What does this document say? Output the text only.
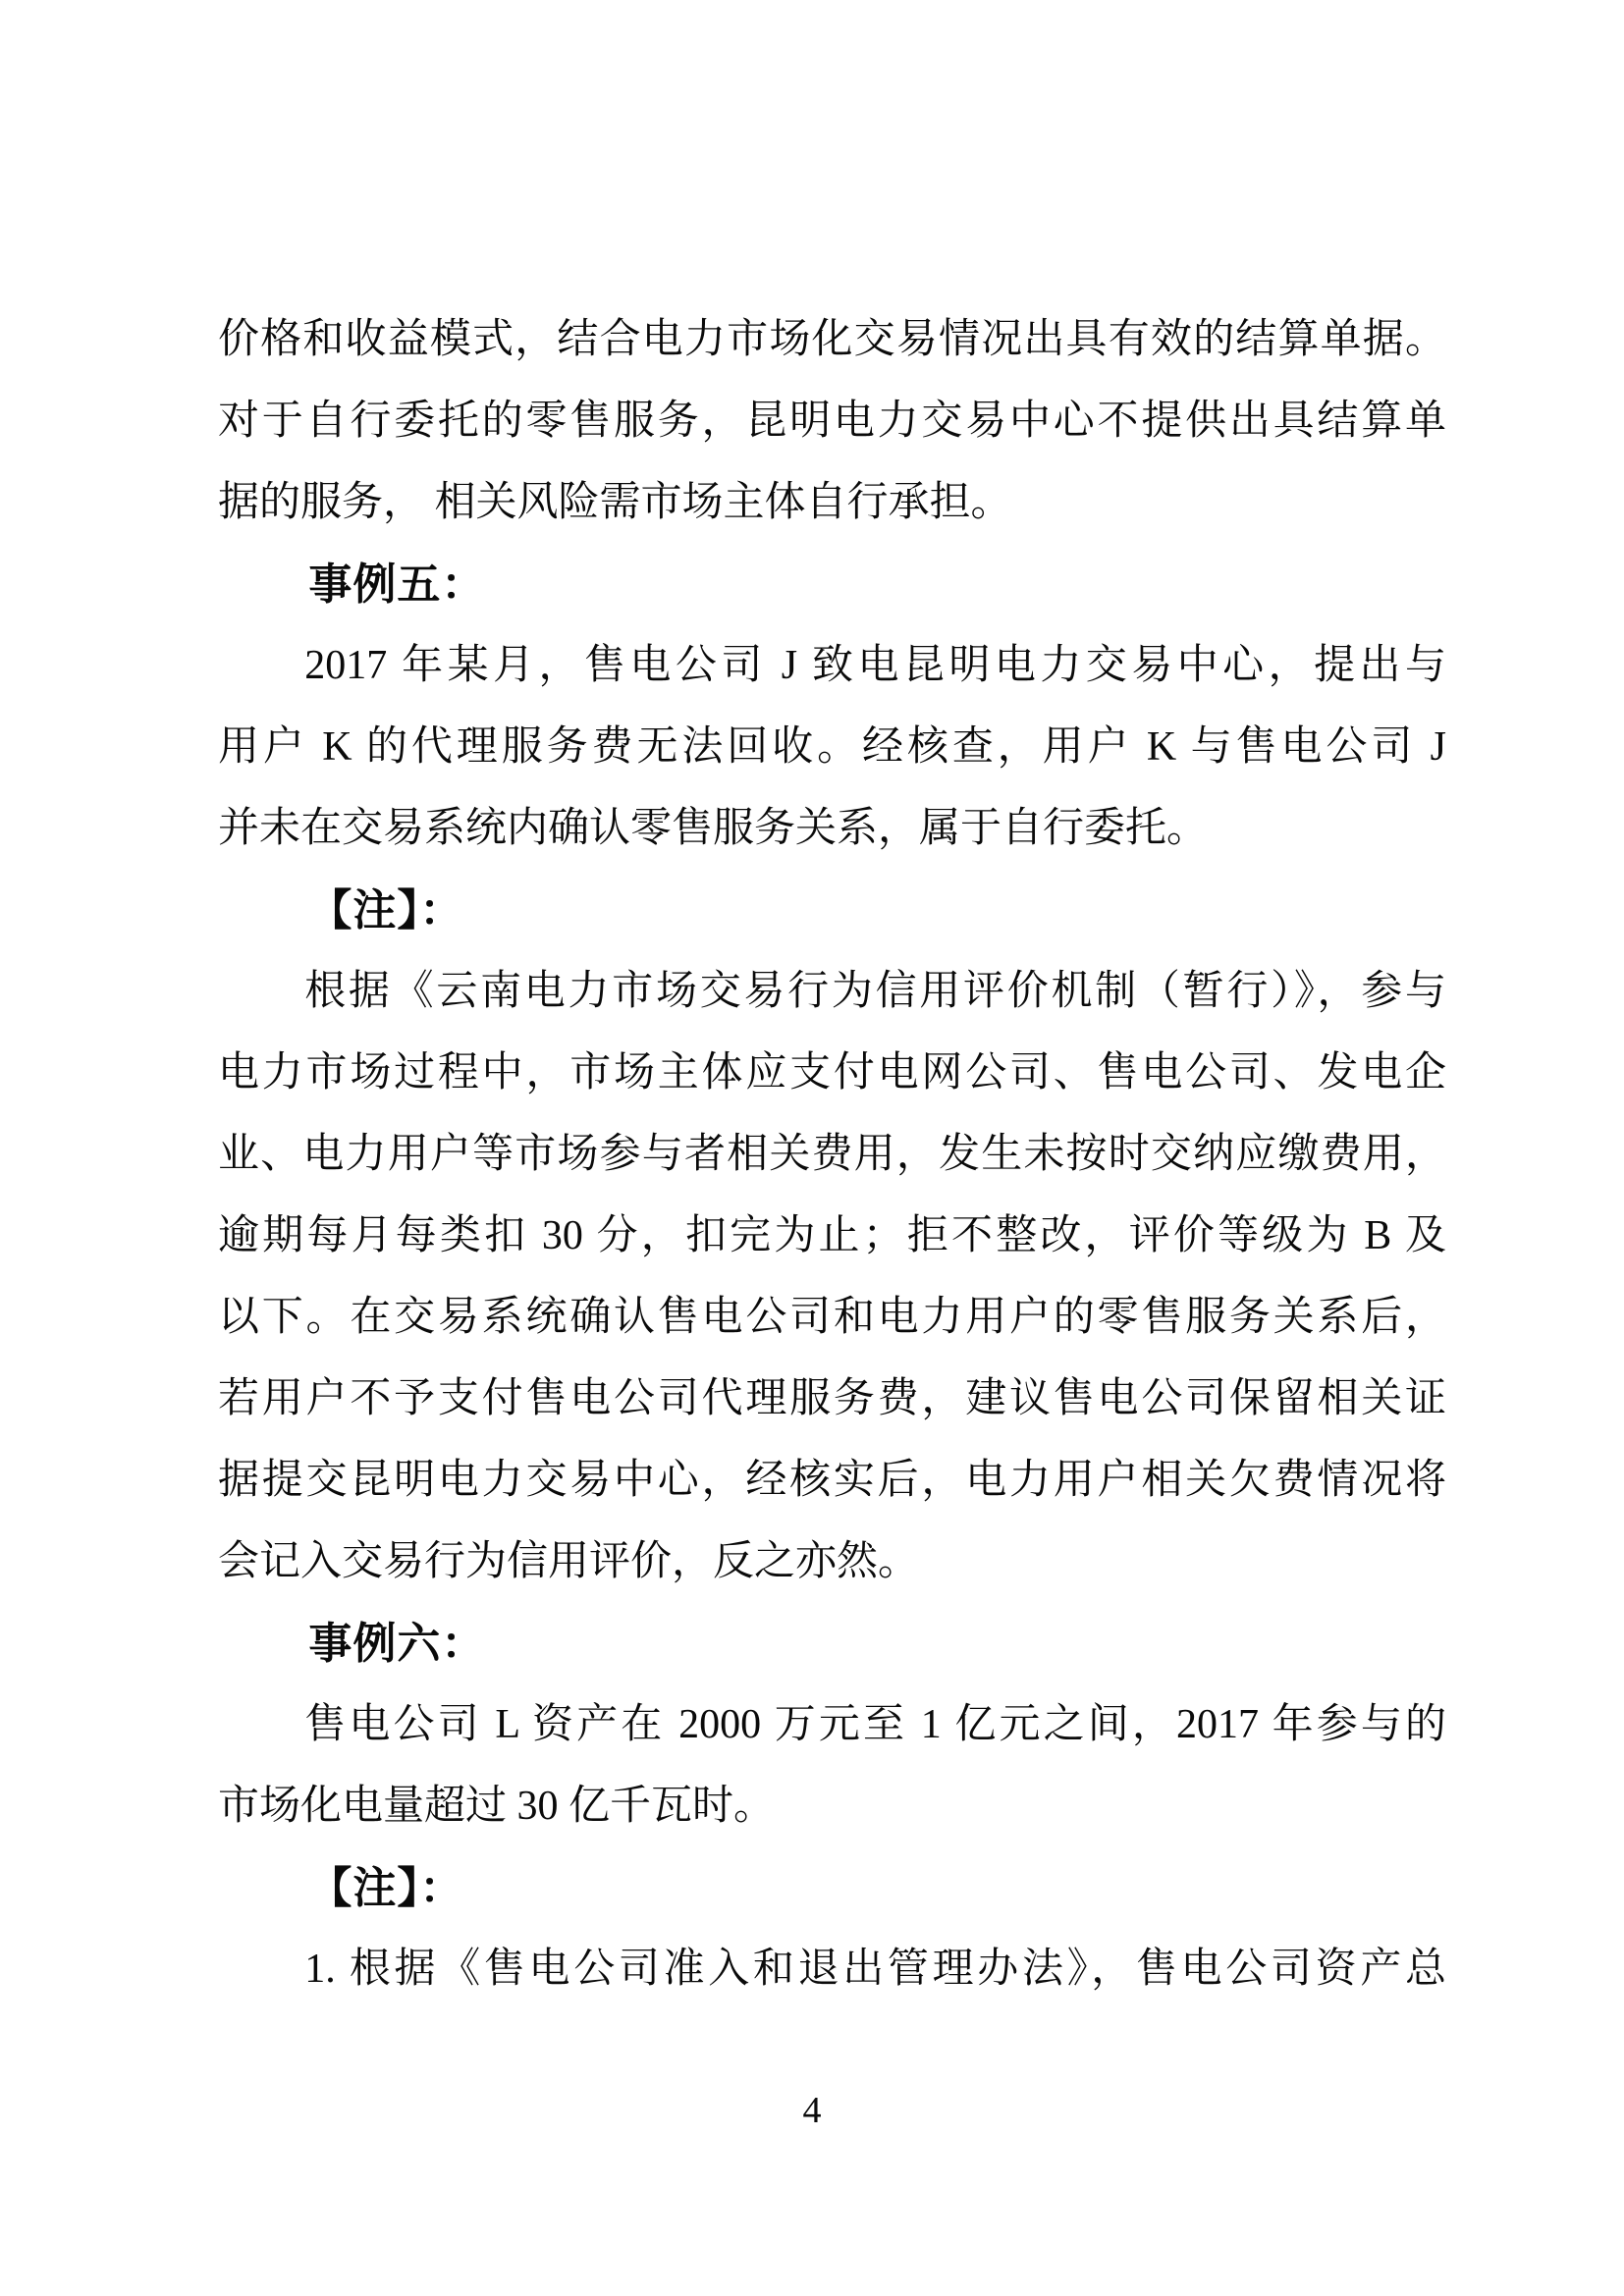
价格和收益模式，结合电力市场化交易情况出具有效的结算单据。
对于自行委托的零售服务，昆明电力交易中心不提供出具结算单
据的服务， 相关风险需市场主体自行承担。
事例五：
2017 年某月，售电公司 J 致电昆明电力交易中心，提出与
用户 K 的代理服务费无法回收。经核查，用户 K 与售电公司 J
并未在交易系统内确认零售服务关系，属于自行委托。
【注】：
根据《云南电力市场交易行为信用评价机制（暂行）》，参与
电力市场过程中，市场主体应支付电网公司、售电公司、发电企
业、电力用户等市场参与者相关费用，发生未按时交纳应缴费用，
逾期每月每类扣 30 分，扣完为止；拒不整改，评价等级为 B 及
以下。在交易系统确认售电公司和电力用户的零售服务关系后，
若用户不予支付售电公司代理服务费，建议售电公司保留相关证
据提交昆明电力交易中心，经核实后，电力用户相关欠费情况将
会记入交易行为信用评价，反之亦然。
事例六：
售电公司 L 资产在 2000 万元至 1 亿元之间，2017 年参与的
市场化电量超过 30 亿千瓦时。
【注】：
1. 根据《售电公司准入和退出管理办法》，售电公司资产总
4
